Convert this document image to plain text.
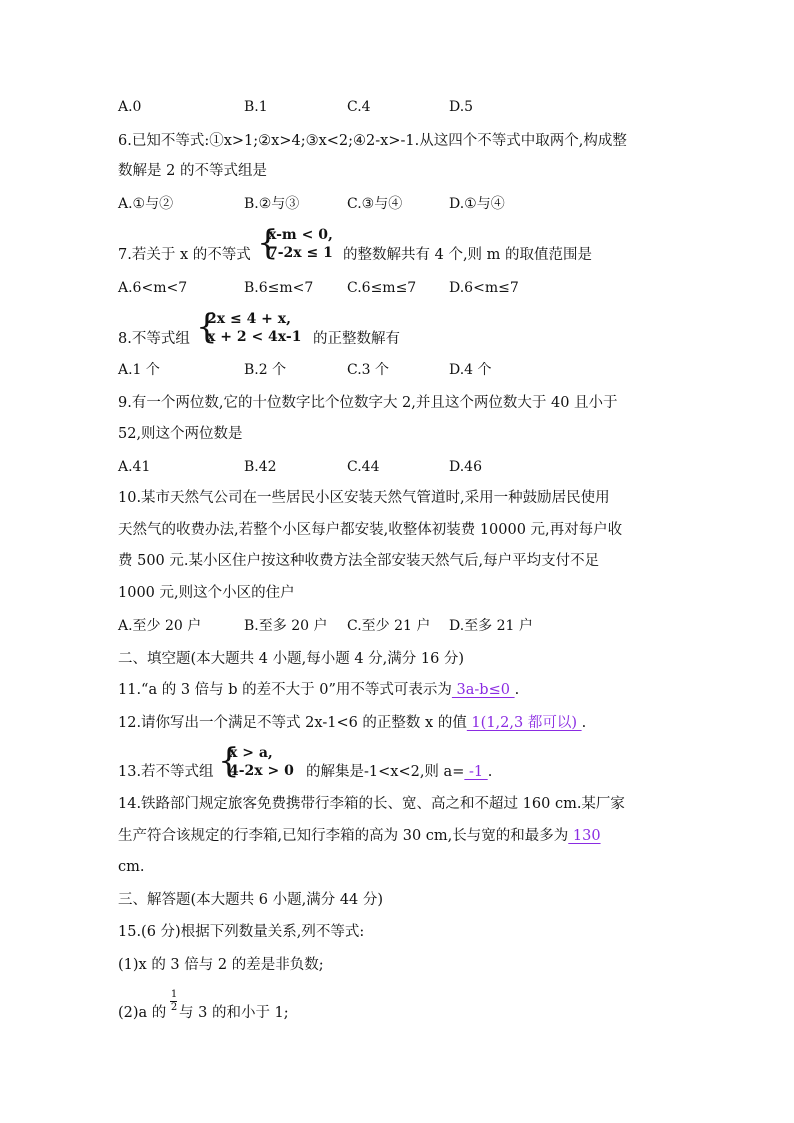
A.0	B.1	C.4	D.5
6.已知不等式:①x>1;②x>4;③x<2;④2-x>-1.从这四个不等式中取两个,构成整
数解是 2 的不等式组是
A.①与②	B.②与③	C.③与④	D.①与④
7.若关于 x 的不等式 {
x-m < 0,
7-2x ≤ 1 的整数解共有 4 个,则 m 的取值范围是
A.6<m<7	B.6≤m<7 C.6≤m≤7 D.6<m≤7
8.不等式组 {
2x ≤ 4 + x,
x + 2 < 4x-1 的正整数解有
A.1 个	B.2 个	C.3 个	D.4 个
9.有一个两位数,它的十位数字比个位数字大 2,并且这个两位数大于 40 且小于
52,则这个两位数是
A.41	B.42	C.44	D.46
10.某市天然气公司在一些居民小区安装天然气管道时,采用一种鼓励居民使用
天然气的收费办法,若整个小区每户都安装,收整体初装费 10000 元,再对每户收
费 500 元.某小区住户按这种收费方法全部安装天然气后,每户平均支付不足
1000 元,则这个小区的住户
A.至少 20 户	B.至多 20 户 C.至少 21 户 D.至多 21 户
二、填空题(本大题共 4 小题,每小题 4 分,满分 16 分)
11.“a 的 3 倍与 b 的差不大于 0”用不等式可表示为 3a-b≤0 .
12.请你写出一个满足不等式 2x-1<6 的正整数 x 的值 1(1,2,3 都可以) .
13.若不等式组 {
x > a,
4-2x > 0 的解集是-1<x<2,则 a= -1 .
14.铁路部门规定旅客免费携带行李箱的长、宽、高之和不超过 160 cm.某厂家
生产符合该规定的行李箱,已知行李箱的高为 30 cm,长与宽的和最多为 130
cm.
三、解答题(本大题共 6 小题,满分 44 分)
15.(6 分)根据下列数量关系,列不等式:
(1)x 的 3 倍与 2 的差是非负数;
(2)a 的
1
2 与 3 的和小于 1;
